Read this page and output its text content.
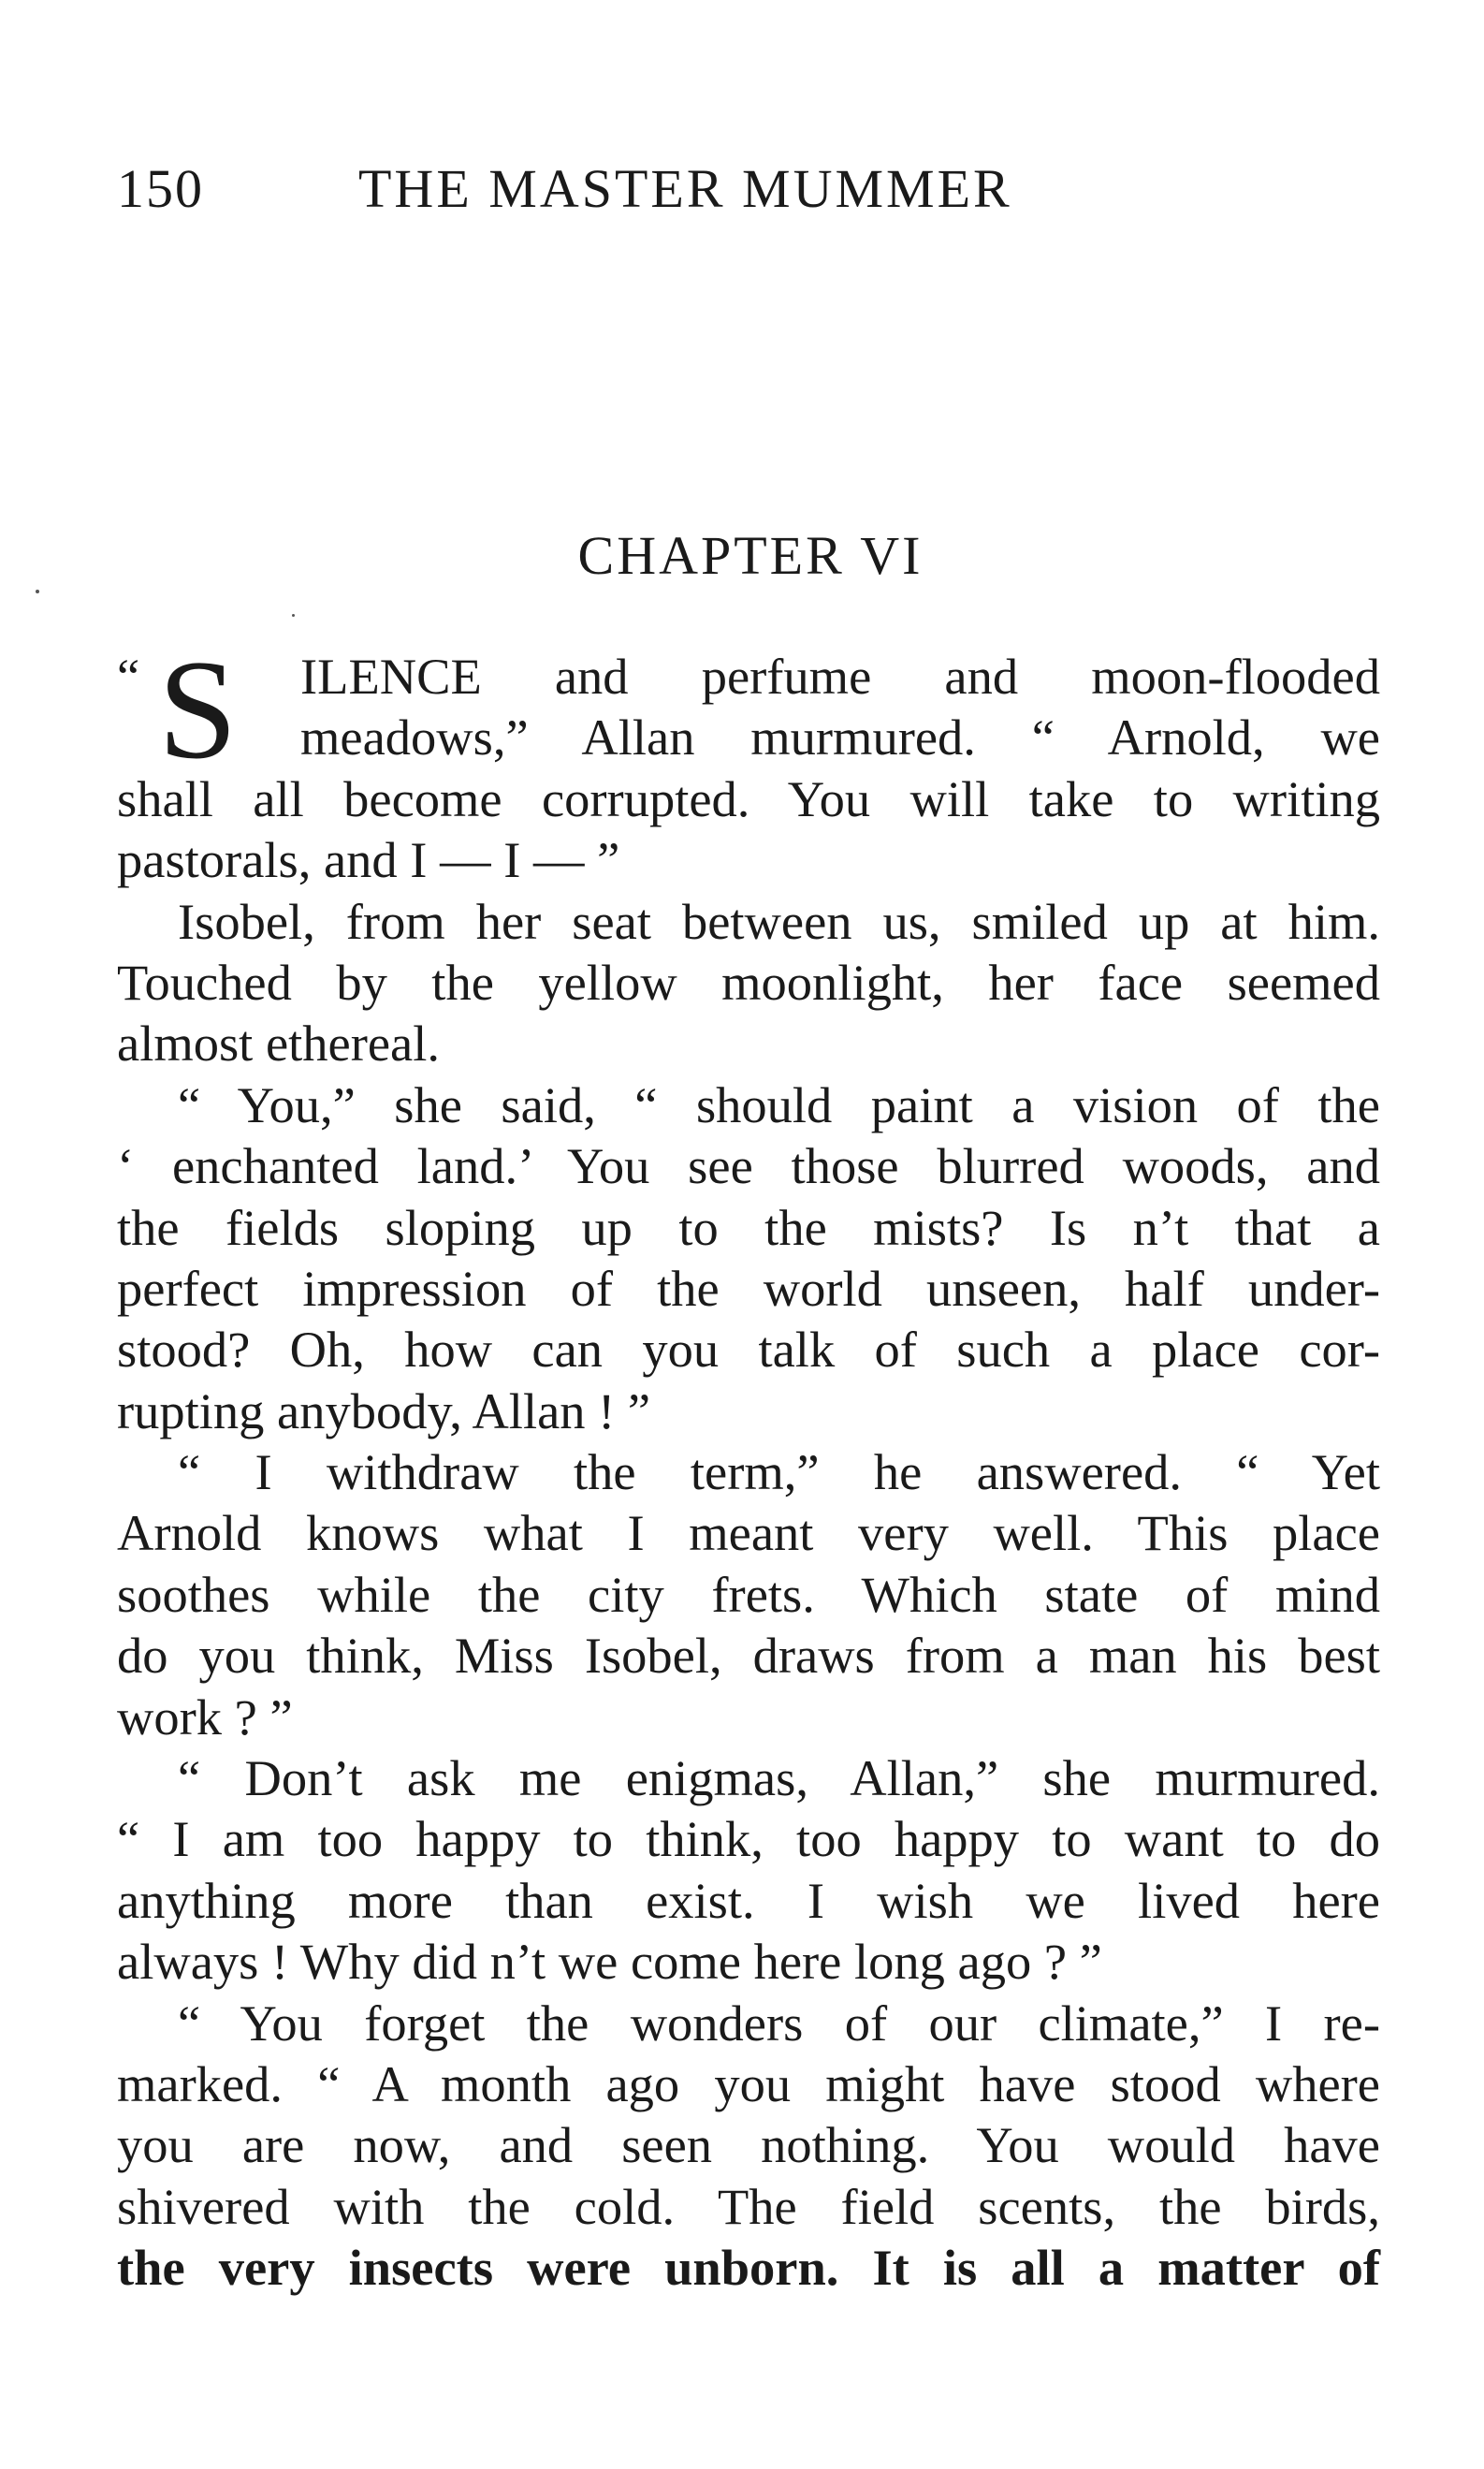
150	THE MASTER MUMMER
CHAPTER VI
“ S	ILENCE and perfume and moon-flooded
meadows,” Allan murmured. “ Arnold, we
shall all become corrupted. You will take to writing
pastorals, and I — I — ”
Isobel, from her seat between us, smiled up at him.
Touched by the yellow moonlight, her face seemed
almost ethereal.
“ You,” she said, “ should paint a vision of the
‘ enchanted land.’ You see those blurred woods, and
the fields sloping up to the mists? Is n’t that a
perfect impression of the world unseen, half under-
stood? Oh, how can you talk of such a place cor-
rupting anybody, Allan ! ”
“ I withdraw the term,” he answered. “ Yet
Arnold knows what I meant very well. This place
soothes while the city frets. Which state of mind
do you think, Miss Isobel, draws from a man his best
work ? ”
“ Don’t ask me enigmas, Allan,” she murmured.
“ I am too happy to think, too happy to want to do
anything more than exist. I wish we lived here
always ! Why did n’t we come here long ago ? ”
“ You forget the wonders of our climate,” I re-
marked. “ A month ago you might have stood where
you are now, and seen nothing. You would have
shivered with the cold. The field scents, the birds,
the very insects were unborn. It is all a matter of
